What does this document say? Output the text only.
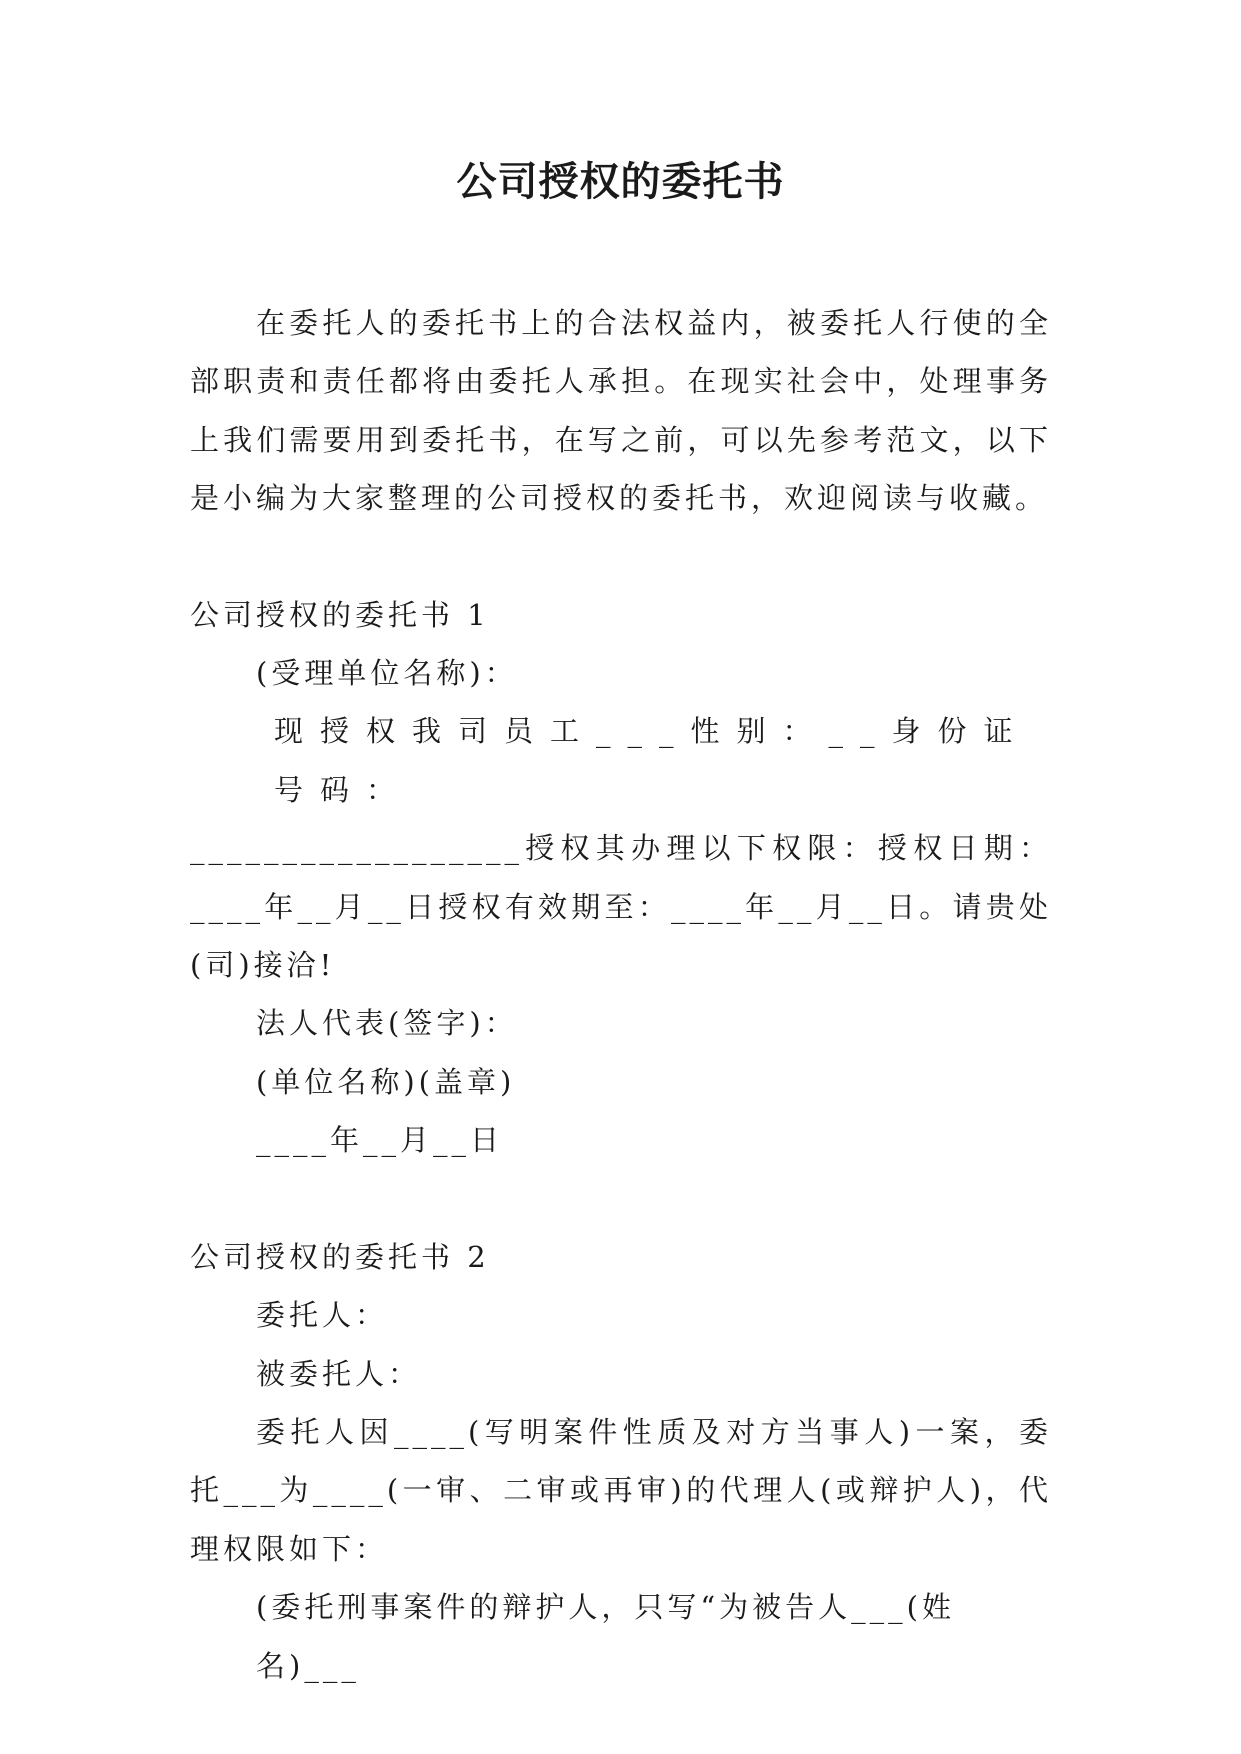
公司授权的委托书

在委托人的委托书上的合法权益内，被委托人行使的全部职责和责任都将由委托人承担。在现实社会中，处理事务上我们需要用到委托书，在写之前，可以先参考范文，以下是小编为大家整理的公司授权的委托书，欢迎阅读与收藏。

公司授权的委托书 1

(受理单位名称)：

现授权我司员工___性别：__身份证号码：

__________________授权其办理以下权限：授权日期：____年__月__日授权有效期至：____年__月__日。请贵处(司)接洽!

法人代表(签字)：

(单位名称)(盖章)

____年__月__日

公司授权的委托书 2

委托人：

被委托人：

委托人因____(写明案件性质及对方当事人)一案，委托___为____(一审、二审或再审)的代理人(或辩护人)，代理权限如下：

(委托刑事案件的辩护人，只写“为被告人___(姓名)___
